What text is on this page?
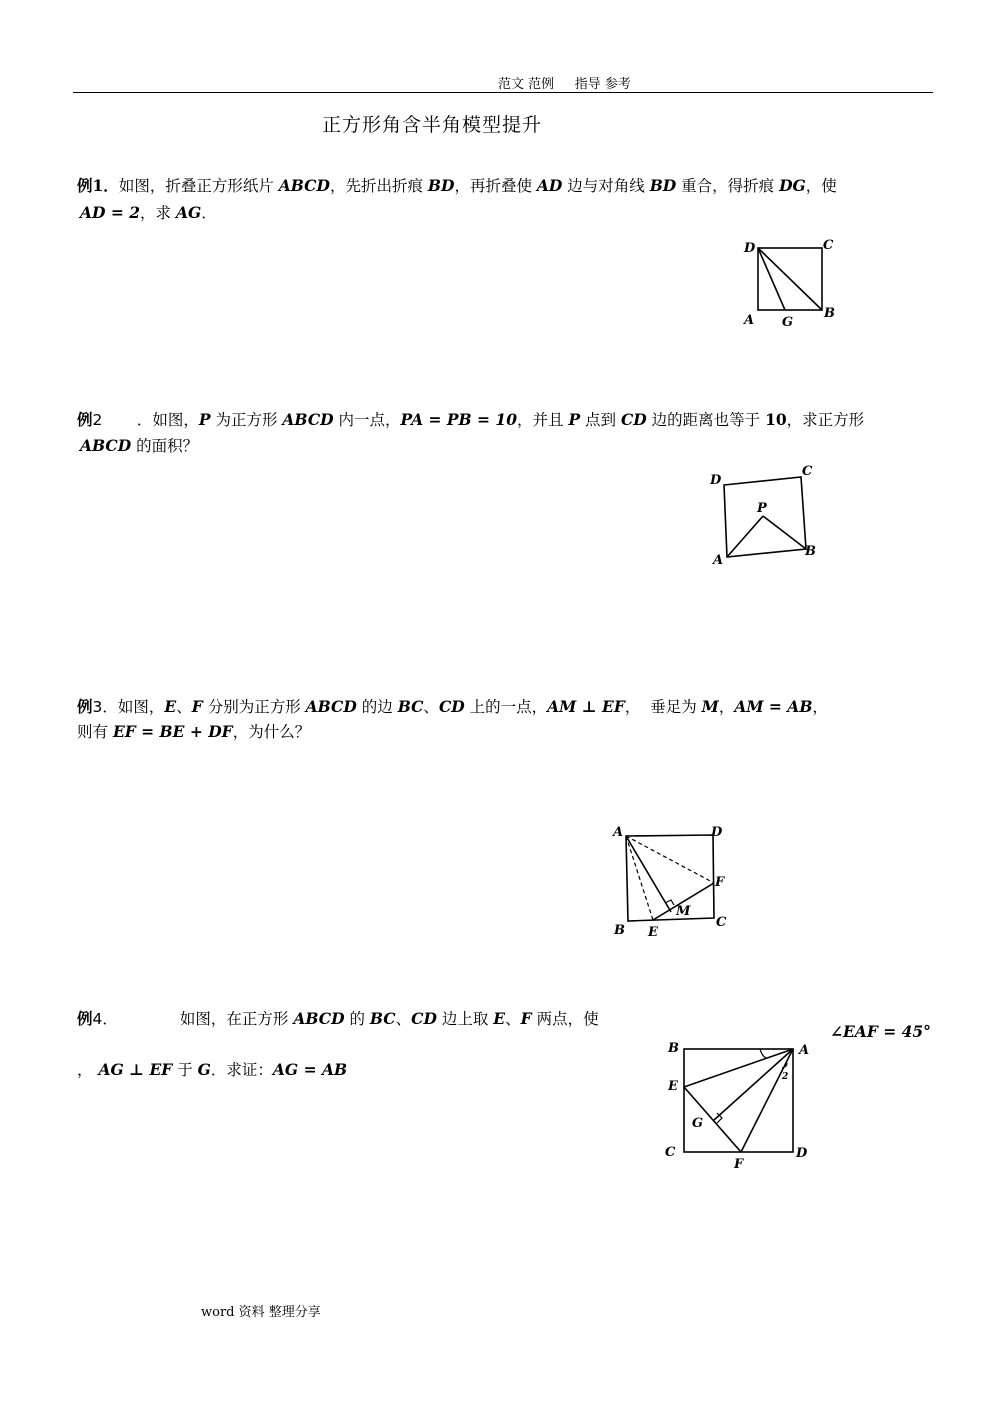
范文 范例     指导 参考
正方形角含半角模型提升
例1．如图，折叠正方形纸片 ABCD，先折出折痕 BD，再折叠使 AD 边与对角线 BD 重合，得折痕 DG，使
AD = 2，求 AG．
D	C
A G
B
例2       ．如图，P 为正方形 ABCD 内一点，PA = PB = 10，并且 P 点到 CD 边的距离也等于 10，求正方形
ABCD 的面积？
D
C
P
A
B
例3．如图，E、F 分别为正方形 ABCD 的边 BC、CD 上的一点，AM ⊥ EF，  垂足为 M，AM = AB，
则有 EF = BE + DF，为什么？
A	D
F
M
B E
C
例4．	如图，在正方形 ABCD 的 BC、CD 边上取 E、F 两点，使
∠EAF = 45°
， AG ⊥ EF 于 G．求证：AG = AB
B	A
E
G
C
F
D
2
word 资料 整理分享
